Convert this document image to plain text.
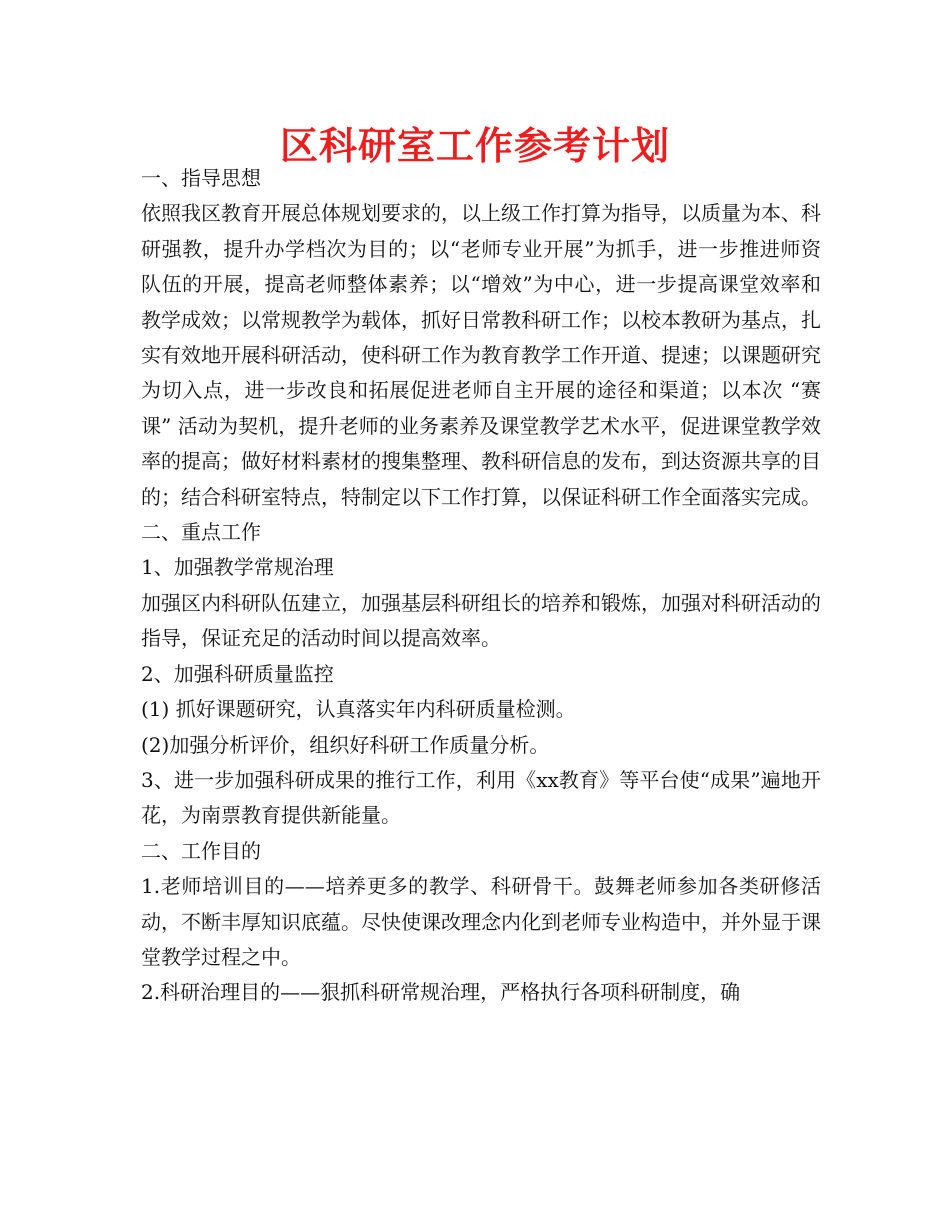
区科研室工作参考计划

一、指导思想

依照我区教育开展总体规划要求的，以上级工作打算为指导，以质量为本、科研强教，提升办学档次为目的；以“老师专业开展”为抓手，进一步推进师资队伍的开展，提高老师整体素养；以“增效”为中心，进一步提高课堂效率和教学成效；以常规教学为载体，抓好日常教科研工作；以校本教研为基点，扎实有效地开展科研活动，使科研工作为教育教学工作开道、提速；以课题研究为切入点，进一步改良和拓展促进老师自主开展的途径和渠道；以本次 “赛课” 活动为契机，提升老师的业务素养及课堂教学艺术水平，促进课堂教学效率的提高；做好材料素材的搜集整理、教科研信息的发布，到达资源共享的目的；结合科研室特点，特制定以下工作打算，以保证科研工作全面落实完成。

二、重点工作

1、加强教学常规治理

加强区内科研队伍建立，加强基层科研组长的培养和锻炼，加强对科研活动的指导，保证充足的活动时间以提高效率。

2、加强科研质量监控

(1) 抓好课题研究，认真落实年内科研质量检测。

(2)加强分析评价，组织好科研工作质量分析。

3、进一步加强科研成果的推行工作，利用《xx教育》等平台使“成果”遍地开花，为南票教育提供新能量。

二、工作目的

1.老师培训目的——培养更多的教学、科研骨干。鼓舞老师参加各类研修活动，不断丰厚知识底蕴。尽快使课改理念内化到老师专业构造中，并外显于课堂教学过程之中。

2.科研治理目的——狠抓科研常规治理，严格执行各项科研制度，确
